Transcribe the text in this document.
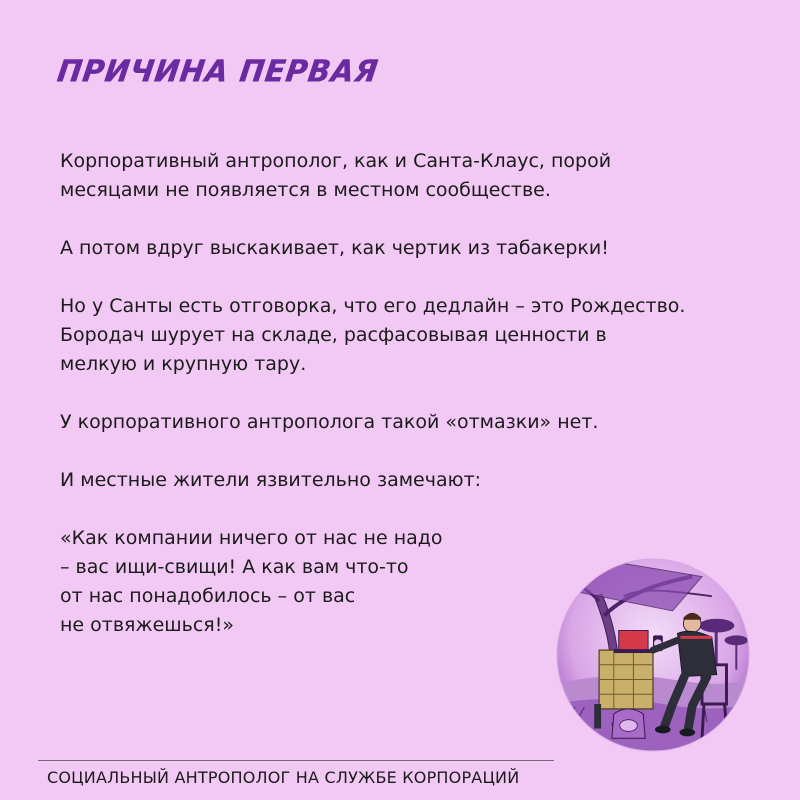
ПРИЧИНА ПЕРВАЯ

Корпоративный антрополог, как и Санта-Клаус, порой
месяцами не появляется в местном сообществе.

А потом вдруг выскакивает, как чертик из табакерки!

Но у Санты есть отговорка, что его дедлайн – это Рождество.
Бородач шурует на складе, расфасовывая ценности в
мелкую и крупную тару.

У корпоративного антрополога такой «отмазки» нет.

И местные жители язвительно замечают:

«Как компании ничего от нас не надо
– вас ищи-свищи! А как вам что-то
от нас понадобилось – от вас
не отвяжешься!»

СОЦИАЛЬНЫЙ АНТРОПОЛОГ НА СЛУЖБЕ КОРПОРАЦИЙ
